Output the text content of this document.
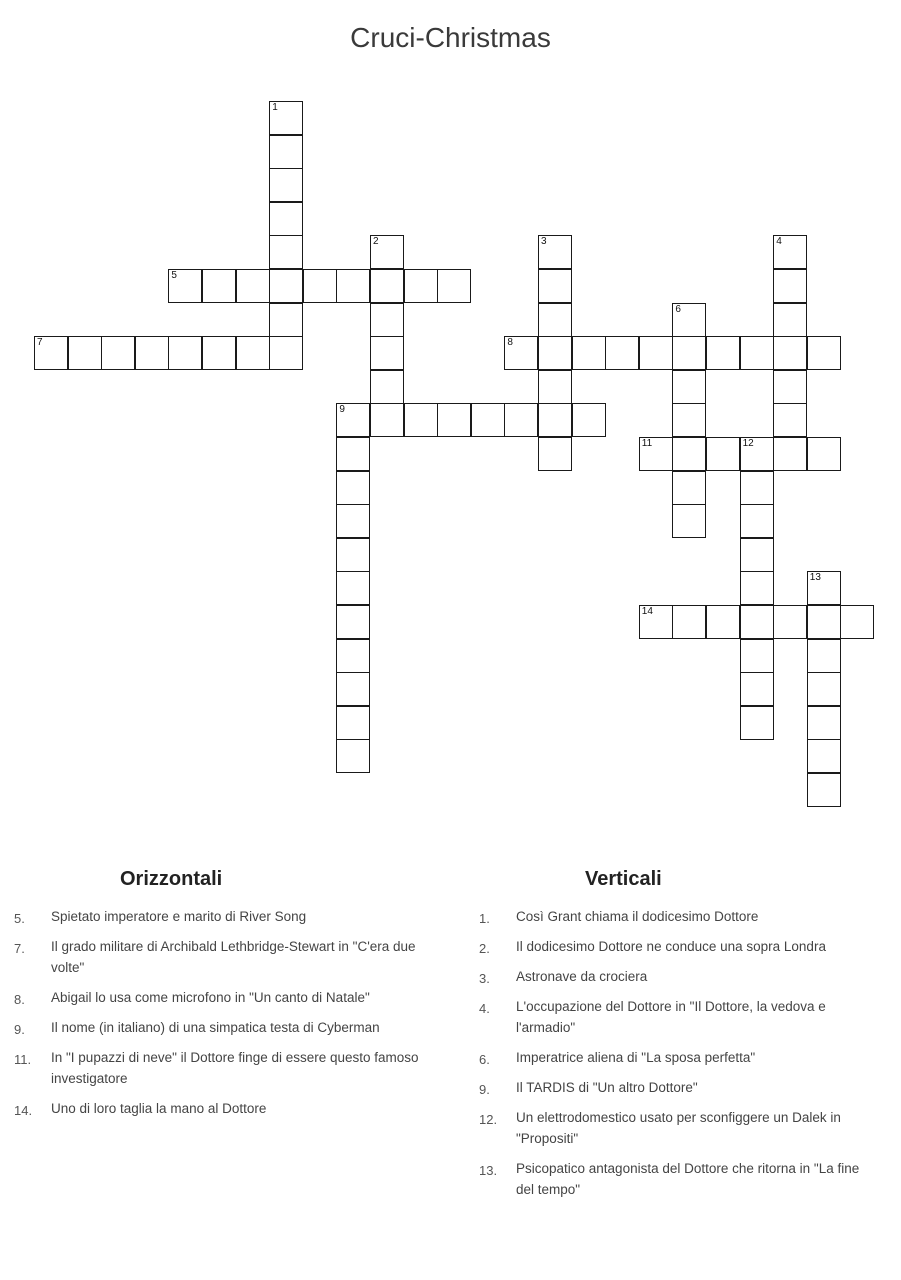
Cruci-Christmas
1
2	3	4
5
6
7	8
9
11	12
13
14
Orizzontali	Verticali
5. Spietato imperatore e marito di River Song
7. Il grado militare di Archibald Lethbridge-Stewart in "C'era due volte"
8. Abigail lo usa come microfono in "Un canto di Natale"
9. Il nome (in italiano) di una simpatica testa di Cyberman
11. In "I pupazzi di neve" il Dottore finge di essere questo famoso investigatore
14. Uno di loro taglia la mano al Dottore
1. Così Grant chiama il dodicesimo Dottore
2. Il dodicesimo Dottore ne conduce una sopra Londra
3. Astronave da crociera
4. L'occupazione del Dottore in "Il Dottore, la vedova e l'armadio"
6. Imperatrice aliena di "La sposa perfetta"
9. Il TARDIS di "Un altro Dottore"
12. Un elettrodomestico usato per sconfiggere un Dalek in "Propositi"
13. Psicopatico antagonista del Dottore che ritorna in "La fine del tempo"
